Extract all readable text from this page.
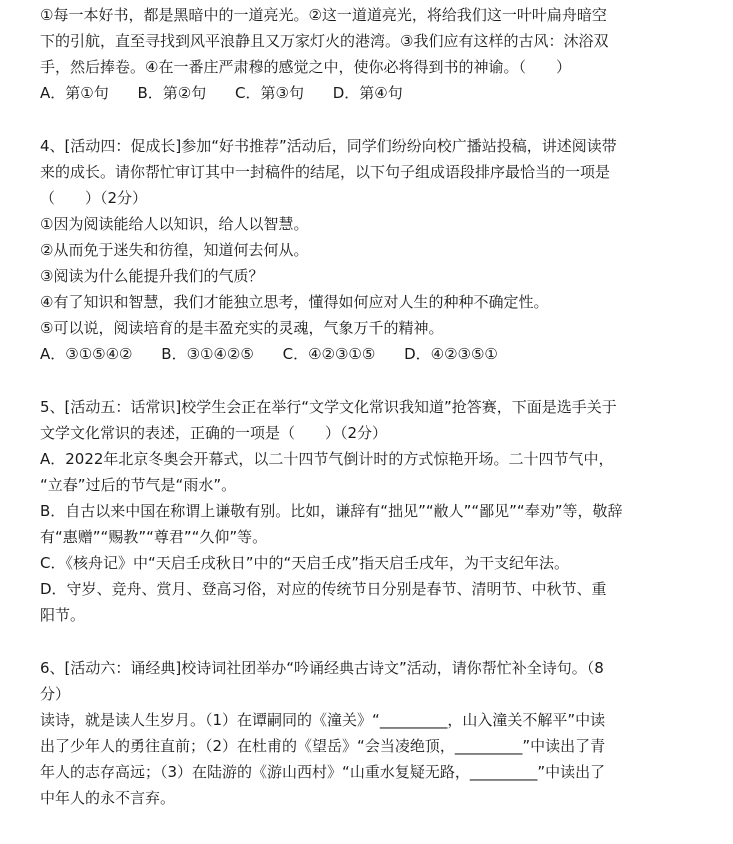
①每一本好书，都是黑暗中的一道亮光。②这一道道亮光，将给我们这一叶叶扁舟暗空
下的引航，直至寻找到风平浪静且又万家灯火的港湾。③我们应有这样的古风：沐浴双
手，然后捧卷。④在一番庄严肃穆的感觉之中，使你必将得到书的神谕。（　　）
A．第①句 B．第②句 C．第③句 D．第④句
4、[活动四：促成长]参加“好书推荐”活动后，同学们纷纷向校广播站投稿，讲述阅读带
来的成长。请你帮忙审订其中一封稿件的结尾，以下句子组成语段排序最恰当的一项是
（　　）（2分）
①因为阅读能给人以知识，给人以智慧。
②从而免于迷失和彷徨，知道何去何从。
③阅读为什么能提升我们的气质？
④有了知识和智慧，我们才能独立思考，懂得如何应对人生的种种不确定性。
⑤可以说，阅读培育的是丰盈充实的灵魂，气象万千的精神。
A．③①⑤④② B．③①④②⑤ C．④②③①⑤ D．④②③⑤①
5、[活动五：话常识]校学生会正在举行“文学文化常识我知道”抢答赛，下面是选手关于
文学文化常识的表述，正确的一项是（　　）（2分）
A．2022年北京冬奥会开幕式，以二十四节气倒计时的方式惊艳开场。二十四节气中，
“立春”过后的节气是“雨水”。
B．自古以来中国在称谓上谦敬有别。比如，谦辞有“拙见”“敝人”“鄙见”“奉劝”等，敬辞
有“惠赠”“赐教”“尊君”“久仰”等。
C．《核舟记》中“天启壬戌秋日”中的“天启壬戌”指天启壬戌年，为干支纪年法。
D．守岁、竞舟、赏月、登高习俗，对应的传统节日分别是春节、清明节、中秋节、重
阳节。
6、[活动六：诵经典]校诗词社团举办“吟诵经典古诗文”活动，请你帮忙补全诗句。（8
分）
读诗，就是读人生岁月。（1）在谭嗣同的《潼关》“_________，山入潼关不解平”中读
出了少年人的勇往直前；（2）在杜甫的《望岳》“会当凌绝顶，_________”中读出了青
年人的志存高远；（3）在陆游的《游山西村》“山重水复疑无路，_________”中读出了
中年人的永不言弃。
